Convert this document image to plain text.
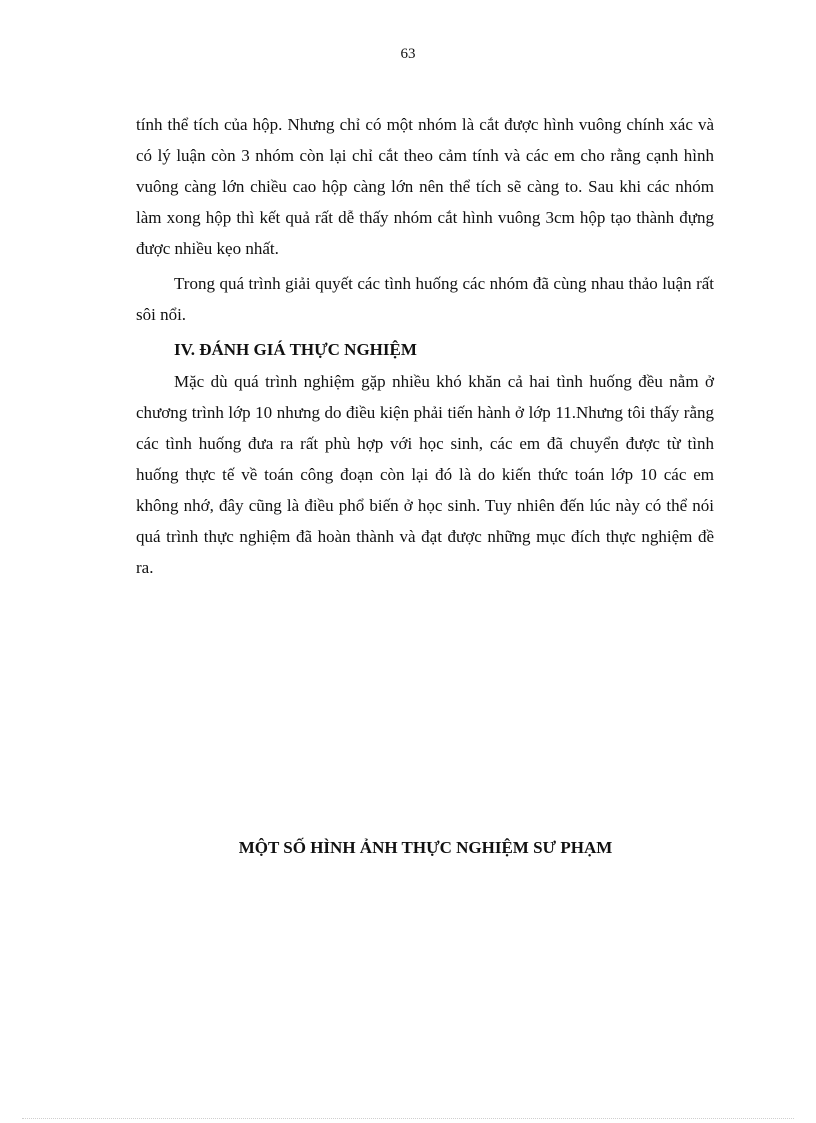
63

tính thể tích của hộp. Nhưng chỉ có một nhóm là cắt được hình vuông chính xác và có lý luận còn 3 nhóm còn lại chỉ cắt theo cảm tính và các em cho rằng cạnh hình vuông càng lớn chiều cao hộp càng lớn nên thể tích sẽ càng to. Sau khi các nhóm làm xong hộp thì kết quả rất dễ thấy nhóm cắt hình vuông 3cm hộp tạo thành đựng được nhiều kẹo nhất.

Trong quá trình giải quyết các tình huống các nhóm đã cùng nhau thảo luận rất sôi nổi.

IV. ĐÁNH GIÁ THỰC NGHIỆM

Mặc dù quá trình nghiệm gặp nhiều khó khăn cả hai tình huống đều nằm ở chương trình lớp 10 nhưng do điều kiện phải tiến hành ở lớp 11.Nhưng tôi thấy rằng các tình huống đưa ra rất phù hợp với học sinh, các em đã chuyển được từ tình huống thực tế về toán công đoạn còn lại đó là do kiến thức toán lớp 10 các em không nhớ, đây cũng là điều phổ biến ở học sinh. Tuy nhiên đến lúc này có thể nói quá trình thực nghiệm đã hoàn thành và đạt được những mục đích thực nghiệm đề ra.

MỘT SỐ HÌNH ẢNH THỰC NGHIỆM SƯ PHẠM
